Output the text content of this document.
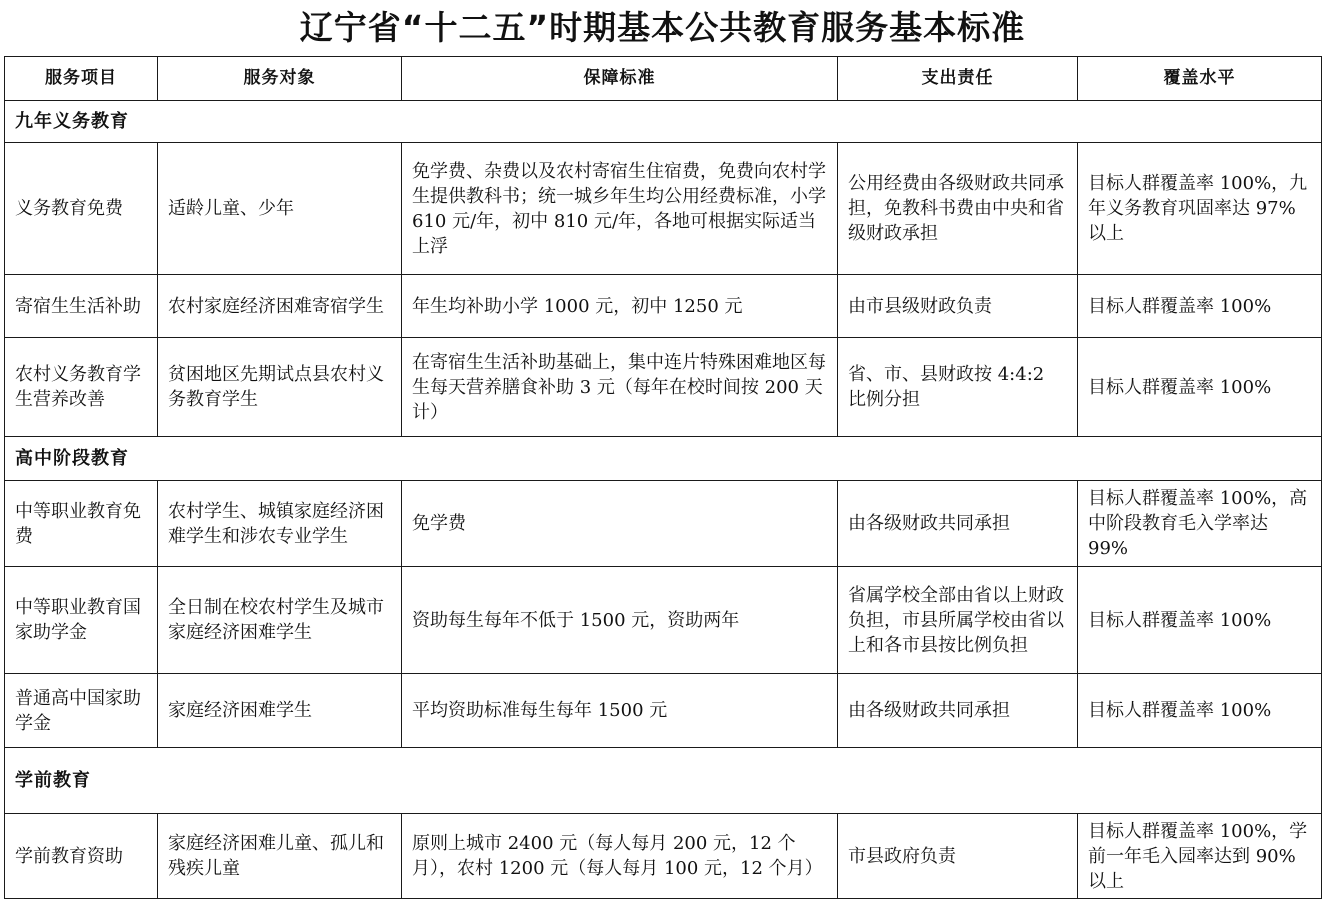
辽宁省“十二五”时期基本公共教育服务基本标准
服务项目	服务对象	保障标准	支出责任	覆盖水平
九年义务教育				
义务教育免费	适龄儿童、少年	免学费、杂费以及农村寄宿生住宿费，免费向农村学生提供教科书；统一城乡年生均公用经费标准，小学 610 元/年，初中 810 元/年，各地可根据实际适当上浮	公用经费由各级财政共同承担，免教科书费由中央和省级财政承担	目标人群覆盖率 100%，九年义务教育巩固率达 97%以上
寄宿生生活补助	农村家庭经济困难寄宿学生	年生均补助小学 1000 元，初中 1250 元	由市县级财政负责	目标人群覆盖率 100%
农村义务教育学生营养改善	贫困地区先期试点县农村义务教育学生	在寄宿生生活补助基础上，集中连片特殊困难地区每生每天营养膳食补助 3 元（每年在校时间按 200 天计）	省、市、县财政按 4:4:2 比例分担	目标人群覆盖率 100%
高中阶段教育				
中等职业教育免费	农村学生、城镇家庭经济困难学生和涉农专业学生	免学费	由各级财政共同承担	目标人群覆盖率 100%，高中阶段教育毛入学率达 99%
中等职业教育国家助学金	全日制在校农村学生及城市家庭经济困难学生	资助每生每年不低于 1500 元，资助两年	省属学校全部由省以上财政负担，市县所属学校由省以上和各市县按比例负担	目标人群覆盖率 100%
普通高中国家助学金	家庭经济困难学生	平均资助标准每生每年 1500 元	由各级财政共同承担	目标人群覆盖率 100%
学前教育				
学前教育资助	家庭经济困难儿童、孤儿和残疾儿童	原则上城市 2400 元（每人每月 200 元，12 个月），农村 1200 元（每人每月 100 元，12 个月）	市县政府负责	目标人群覆盖率 100%，学前一年毛入园率达到 90%以上
